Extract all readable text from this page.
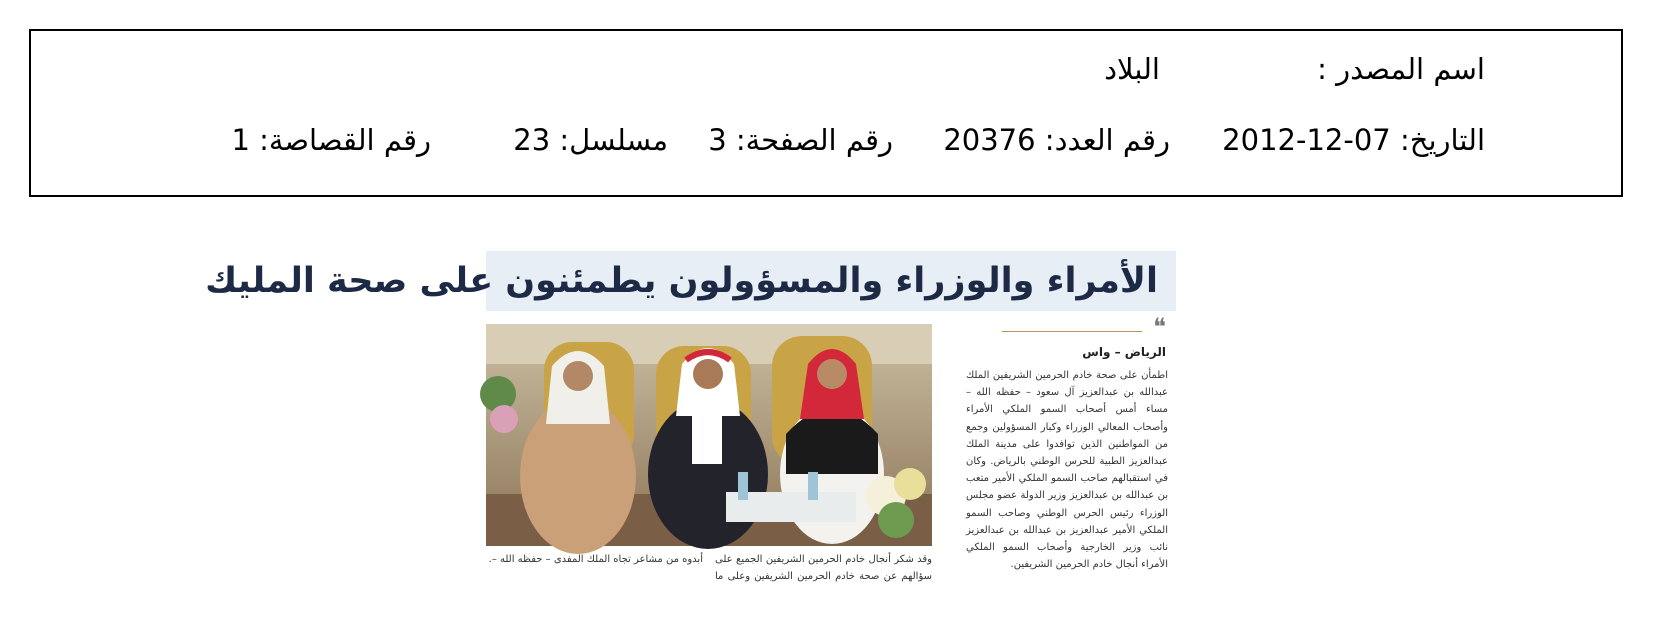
اسم المصدر :
البلاد
التاريخ: 07-12-2012
رقم العدد: 20376
رقم الصفحة: 3
مسلسل: 23
رقم القصاصة: 1
الأمراء والوزراء والمسؤولون يطمئنون على صحة المليك
❝
الرياض – واس
اطمأن على صحة خادم الحرمين الشريفين الملك عبدالله بن عبدالعزيز آل سعود – حفظه الله – مساء أمس أصحاب السمو الملكي الأمراء وأصحاب المعالي الوزراء وكبار المسؤولين وجمع من المواطنين الذين توافدوا على مدينة الملك عبدالعزيز الطبية للحرس الوطني بالرياض. وكان في استقبالهم صاحب السمو الملكي الأمير متعب بن عبدالله بن عبدالعزيز وزير الدولة عضو مجلس الوزراء رئيس الحرس الوطني وصاحب السمو الملكي الأمير عبدالعزيز بن عبدالله بن عبدالعزيز نائب وزير الخارجية وأصحاب السمو الملكي الأمراء أنجال خادم الحرمين الشريفين.
وقد شكر أنجال خادم الحرمين الشريفين الجميع على سؤالهم عن صحة خادم الحرمين الشريفين وعلى ما أبدوه من مشاعر تجاه الملك المفدى – حفظه الله –.
